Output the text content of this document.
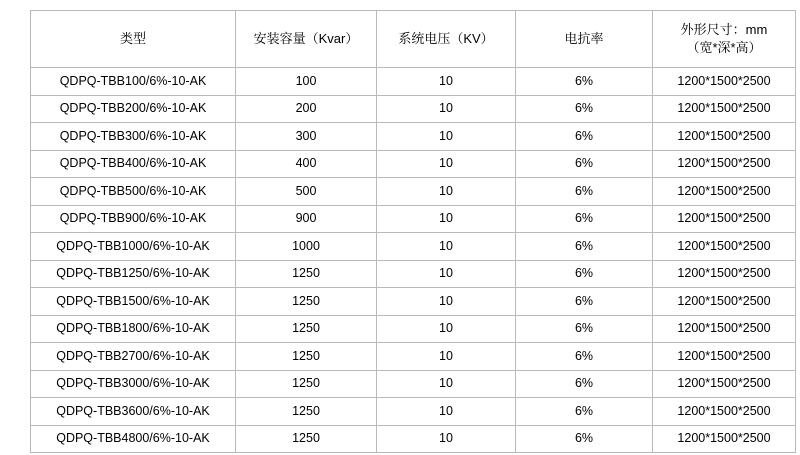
类型	安装容量（Kvar）	系统电压（KV）	电抗率	外形尺寸：mm
（宽*深*高）

QDPQ-TBB100/6%-10-AK	100	10	6%	1200*1500*2500
QDPQ-TBB200/6%-10-AK	200	10	6%	1200*1500*2500
QDPQ-TBB300/6%-10-AK	300	10	6%	1200*1500*2500
QDPQ-TBB400/6%-10-AK	400	10	6%	1200*1500*2500
QDPQ-TBB500/6%-10-AK	500	10	6%	1200*1500*2500
QDPQ-TBB900/6%-10-AK	900	10	6%	1200*1500*2500
QDPQ-TBB1000/6%-10-AK	1000	10	6%	1200*1500*2500
QDPQ-TBB1250/6%-10-AK	1250	10	6%	1200*1500*2500
QDPQ-TBB1500/6%-10-AK	1250	10	6%	1200*1500*2500
QDPQ-TBB1800/6%-10-AK	1250	10	6%	1200*1500*2500
QDPQ-TBB2700/6%-10-AK	1250	10	6%	1200*1500*2500
QDPQ-TBB3000/6%-10-AK	1250	10	6%	1200*1500*2500
QDPQ-TBB3600/6%-10-AK	1250	10	6%	1200*1500*2500
QDPQ-TBB4800/6%-10-AK	1250	10	6%	1200*1500*2500
